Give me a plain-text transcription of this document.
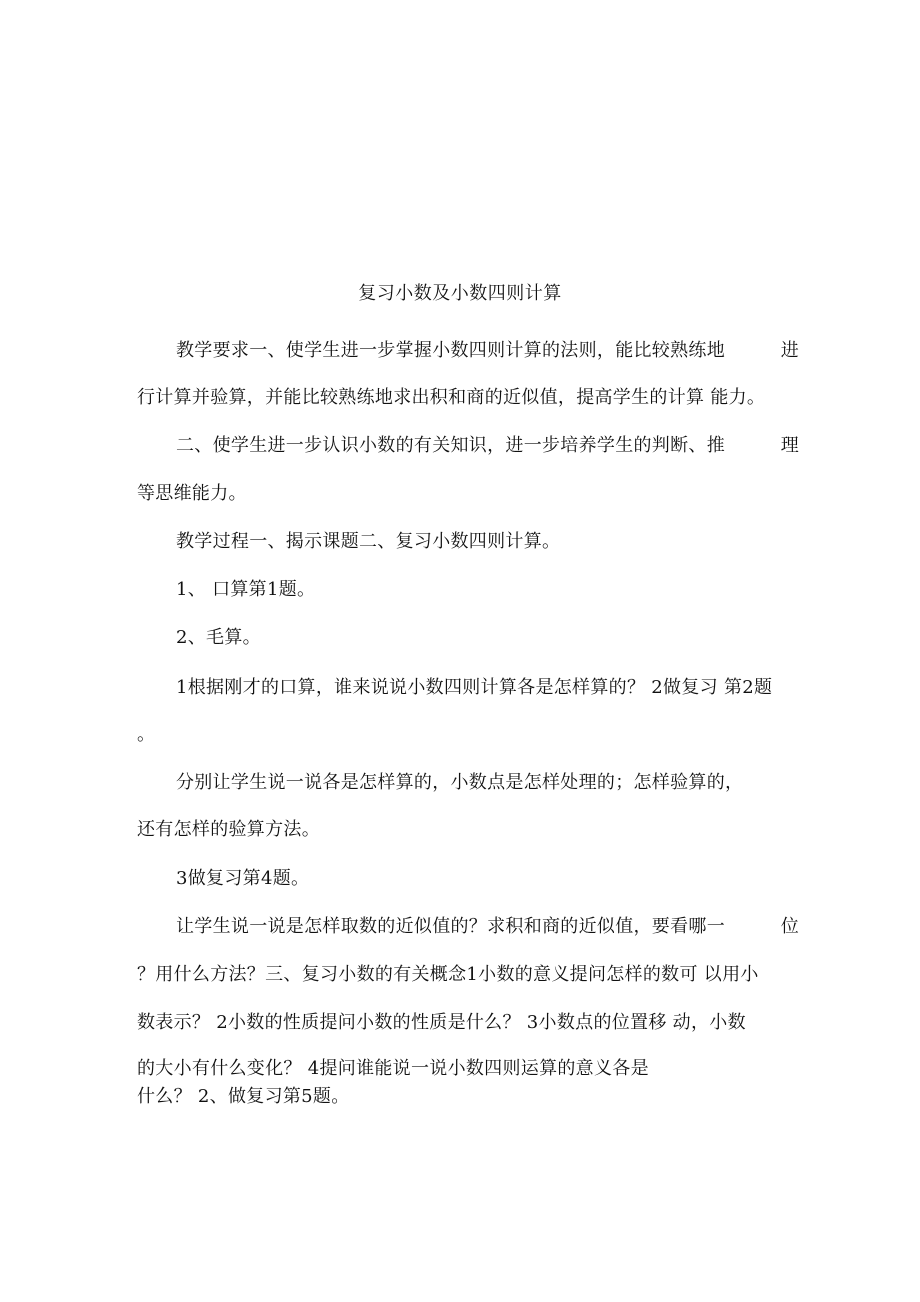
复习小数及小数四则计算
教学要求一、使学生进一步掌握小数四则计算的法则，能比较熟练地	进
行计算并验算，并能比较熟练地求出积和商的近似值，提高学生的计算 能力。
二、使学生进一步认识小数的有关知识，进一步培养学生的判断、推	理
等思维能力。
教学过程一、揭示课题二、复习小数四则计算。
1、 口算第1题。
2、毛算。
1根据刚才的口算，谁来说说小数四则计算各是怎样算的？ 2做复习 第2题
。
分别让学生说一说各是怎样算的，小数点是怎样处理的；怎样验算的，
还有怎样的验算方法。
3做复习第4题。
让学生说一说是怎样取数的近似值的？求积和商的近似值，要看哪一	位
？用什么方法？三、复习小数的有关概念1小数的意义提问怎样的数可 以用小
数表示？ 2小数的性质提问小数的性质是什么？ 3小数点的位置移 动，小数
的大小有什么变化？ 4提问谁能说一说小数四则运算的意义各是
什么？ 2、做复习第5题。
